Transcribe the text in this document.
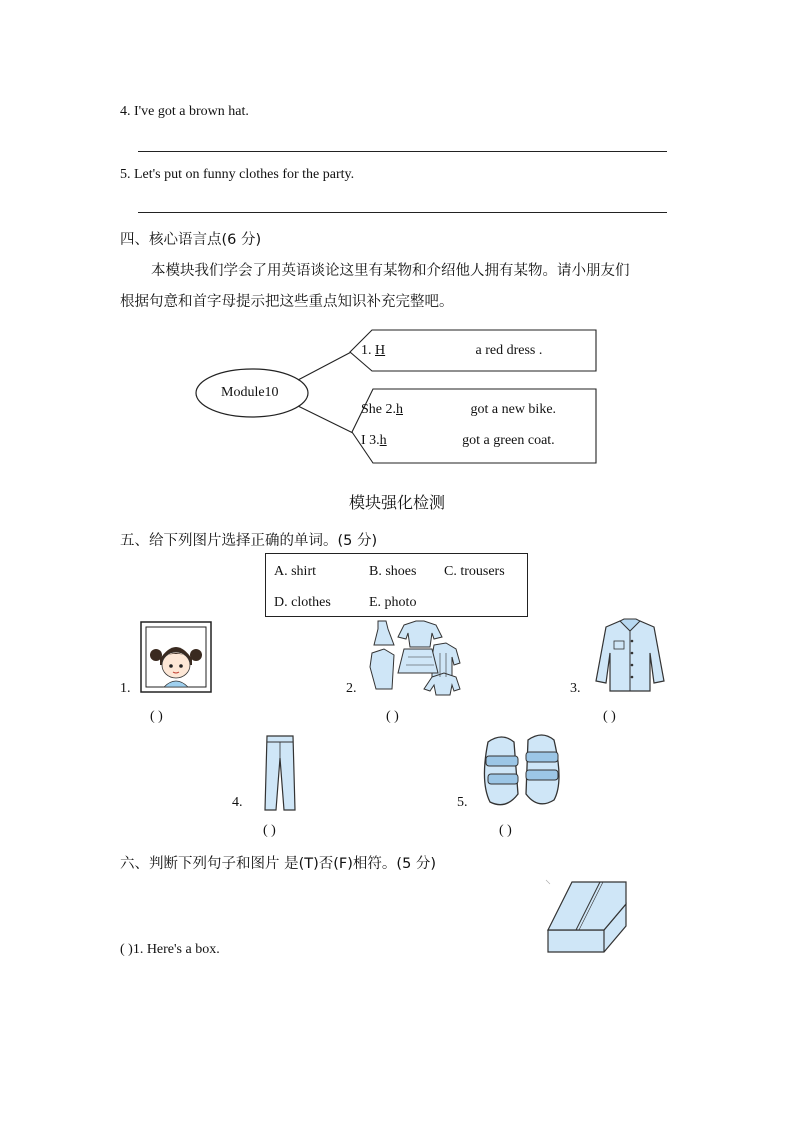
4. I've got a brown hat.
5. Let's put on funny clothes for the party.
四、核心语言点(6 分)
本模块我们学会了用英语谈论这里有某物和介绍他人拥有某物。请小朋友们
根据句意和首字母提示把这些重点知识补充完整吧。
Module10
1. H	a red dress .
She 2.h	got a new bike.
I 3.h	got a green coat.
模块强化检测
五、给下列图片选择正确的单词。(5 分)
A. shirt	B. shoes C. trousers
D. clothes	E. photo
1.
( )
2.
( )
3.
( )
4.
( )
5.
( )
六、判断下列句子和图片 是(T)否(F)相符。(5 分)
( )1. Here's a box.
